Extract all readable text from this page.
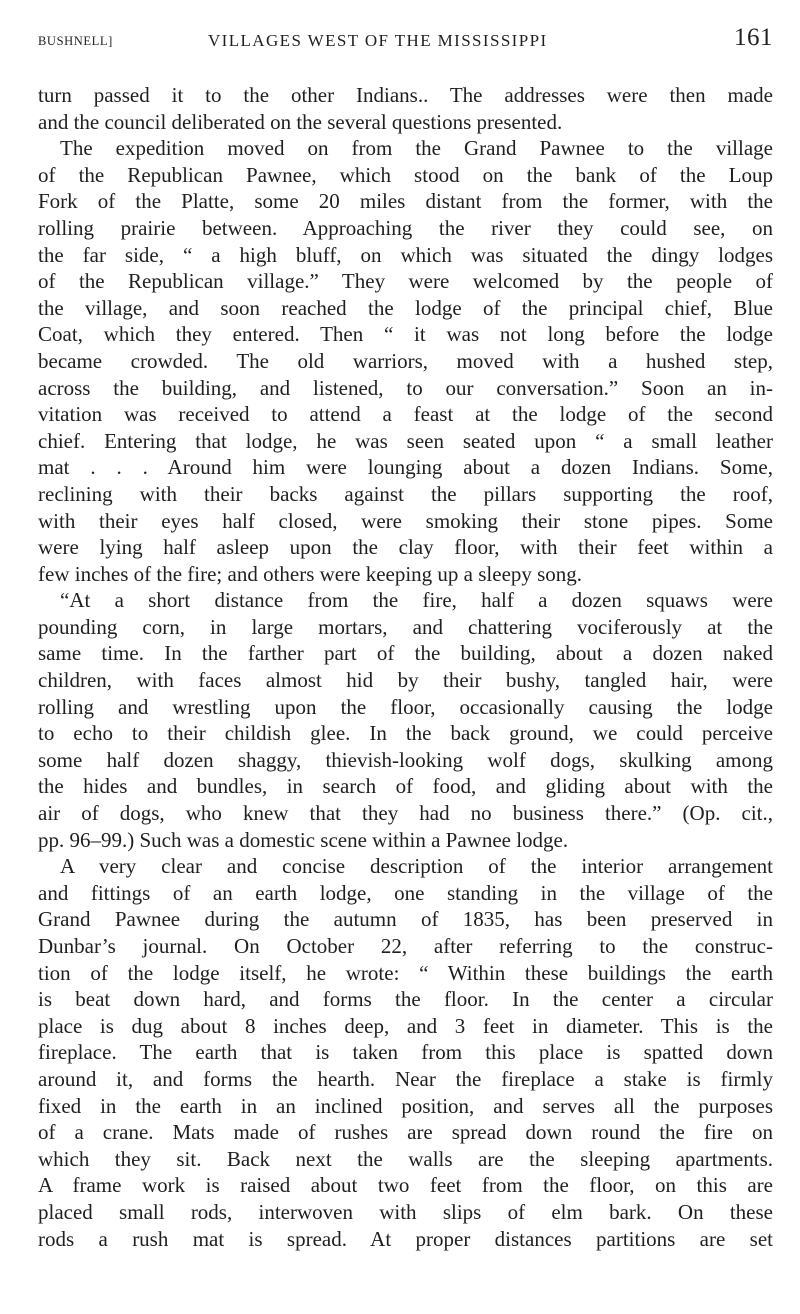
BUSHNELL]	VILLAGES WEST OF THE MISSISSIPPI	161
turn passed it to the other Indians.. The addresses were then made
and the council deliberated on the several questions presented.
The expedition moved on from the Grand Pawnee to the village
of the Republican Pawnee, which stood on the bank of the Loup
Fork of the Platte, some 20 miles distant from the former, with the
rolling prairie between. Approaching the river they could see, on
the far side, “ a high bluff, on which was situated the dingy lodges
of the Republican village.” They were welcomed by the people of
the village, and soon reached the lodge of the principal chief, Blue
Coat, which they entered. Then “ it was not long before the lodge
became crowded. The old warriors, moved with a hushed step,
across the building, and listened, to our conversation.” Soon an in-
vitation was received to attend a feast at the lodge of the second
chief. Entering that lodge, he was seen seated upon “ a small leather
mat . . . Around him were lounging about a dozen Indians. Some,
reclining with their backs against the pillars supporting the roof,
with their eyes half closed, were smoking their stone pipes. Some
were lying half asleep upon the clay floor, with their feet within a
few inches of the fire; and others were keeping up a sleepy song.
“At a short distance from the fire, half a dozen squaws were
pounding corn, in large mortars, and chattering vociferously at the
same time. In the farther part of the building, about a dozen naked
children, with faces almost hid by their bushy, tangled hair, were
rolling and wrestling upon the floor, occasionally causing the lodge
to echo to their childish glee. In the back ground, we could perceive
some half dozen shaggy, thievish-looking wolf dogs, skulking among
the hides and bundles, in search of food, and gliding about with the
air of dogs, who knew that they had no business there.” (Op. cit.,
pp. 96–99.) Such was a domestic scene within a Pawnee lodge.
A very clear and concise description of the interior arrangement
and fittings of an earth lodge, one standing in the village of the
Grand Pawnee during the autumn of 1835, has been preserved in
Dunbar’s journal. On October 22, after referring to the construc-
tion of the lodge itself, he wrote: “ Within these buildings the earth
is beat down hard, and forms the floor. In the center a circular
place is dug about 8 inches deep, and 3 feet in diameter. This is the
fireplace. The earth that is taken from this place is spatted down
around it, and forms the hearth. Near the fireplace a stake is firmly
fixed in the earth in an inclined position, and serves all the purposes
of a crane. Mats made of rushes are spread down round the fire on
which they sit. Back next the walls are the sleeping apartments.
A frame work is raised about two feet from the floor, on this are
placed small rods, interwoven with slips of elm bark. On these
rods a rush mat is spread. At proper distances partitions are set
